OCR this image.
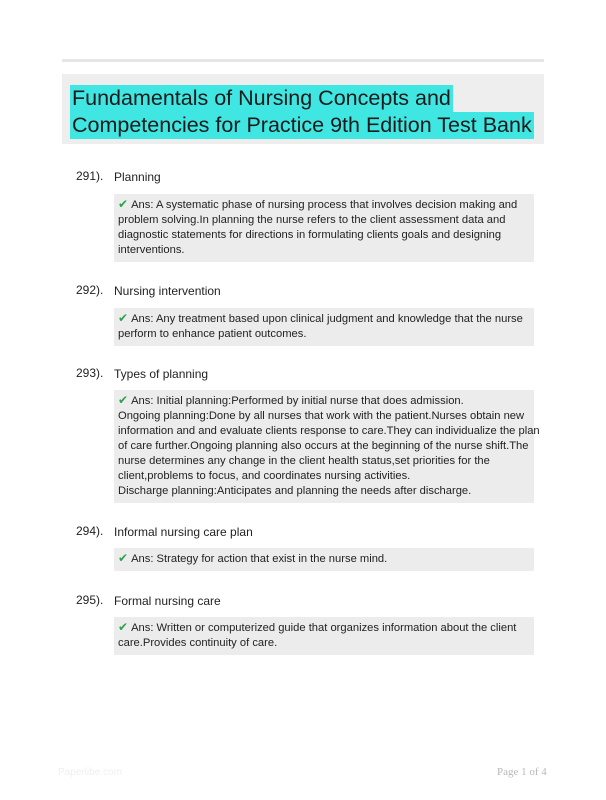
Fundamentals of Nursing Concepts and
Competencies for Practice 9th Edition Test Bank
291). Planning
✔ Ans: A systematic phase of nursing process that involves decision making and
problem solving.In planning the nurse refers to the client assessment data and
diagnostic statements for directions in formulating clients goals and designing
interventions.
292). Nursing intervention
✔ Ans: Any treatment based upon clinical judgment and knowledge that the nurse
perform to enhance patient outcomes.
293). Types of planning
✔ Ans: Initial planning:Performed by initial nurse that does admission.
Ongoing planning:Done by all nurses that work with the patient.Nurses obtain new
information and and evaluate clients response to care.They can individualize the plan
of care further.Ongoing planning also occurs at the beginning of the nurse shift.The
nurse determines any change in the client health status,set priorities for the
client,problems to focus, and coordinates nursing activities.
Discharge planning:Anticipates and planning the needs after discharge.
294). Informal nursing care plan
✔ Ans: Strategy for action that exist in the nurse mind.
295). Formal nursing care
✔ Ans: Written or computerized guide that organizes information about the client
care.Provides continuity of care.
Paperlibe.com	Page 1 of 4
